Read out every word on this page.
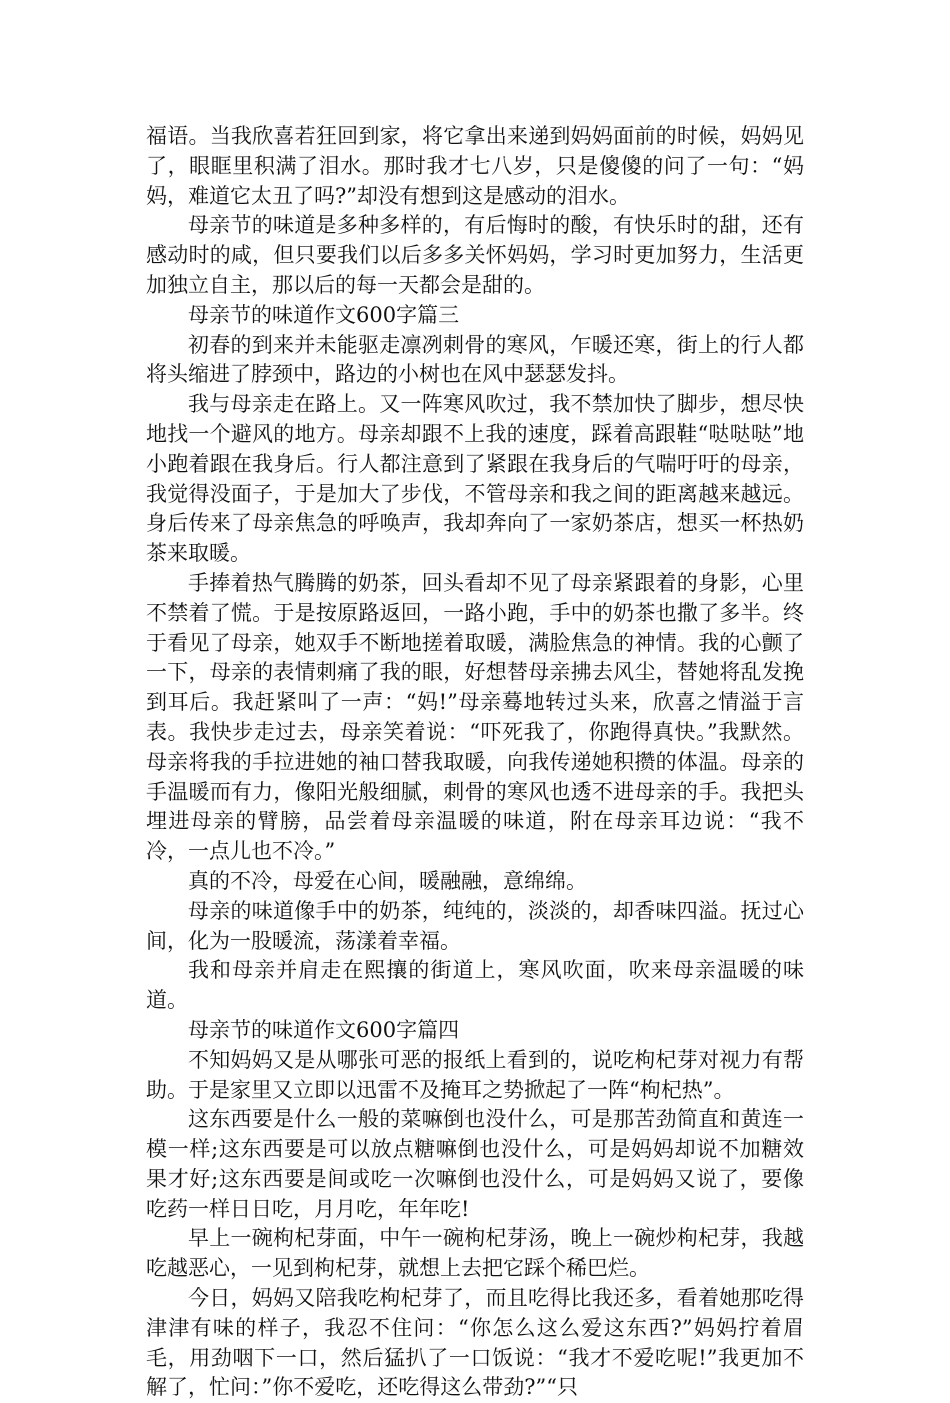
福语。当我欣喜若狂回到家，将它拿出来递到妈妈面前的时候，妈妈见了，眼眶里积满了泪水。那时我才七八岁，只是傻傻的问了一句：“妈妈，难道它太丑了吗?”却没有想到这是感动的泪水。

母亲节的味道是多种多样的，有后悔时的酸，有快乐时的甜，还有感动时的咸，但只要我们以后多多关怀妈妈，学习时更加努力，生活更加独立自主，那以后的每一天都会是甜的。

母亲节的味道作文600字篇三

初春的到来并未能驱走凛冽刺骨的寒风，乍暖还寒，街上的行人都将头缩进了脖颈中，路边的小树也在风中瑟瑟发抖。

我与母亲走在路上。又一阵寒风吹过，我不禁加快了脚步，想尽快地找一个避风的地方。母亲却跟不上我的速度，踩着高跟鞋“哒哒哒”地小跑着跟在我身后。行人都注意到了紧跟在我身后的气喘吁吁的母亲，我觉得没面子，于是加大了步伐，不管母亲和我之间的距离越来越远。身后传来了母亲焦急的呼唤声，我却奔向了一家奶茶店，想买一杯热奶茶来取暖。

手捧着热气腾腾的奶茶，回头看却不见了母亲紧跟着的身影，心里不禁着了慌。于是按原路返回，一路小跑，手中的奶茶也撒了多半。终于看见了母亲，她双手不断地搓着取暖，满脸焦急的神情。我的心颤了一下，母亲的表情刺痛了我的眼，好想替母亲拂去风尘，替她将乱发挽到耳后。我赶紧叫了一声：“妈!”母亲蓦地转过头来，欣喜之情溢于言表。我快步走过去，母亲笑着说：“吓死我了，你跑得真快。”我默然。母亲将我的手拉进她的袖口替我取暖，向我传递她积攒的体温。母亲的手温暖而有力，像阳光般细腻，刺骨的寒风也透不进母亲的手。我把头埋进母亲的臂膀，品尝着母亲温暖的味道，附在母亲耳边说：“我不冷，一点儿也不冷。”

真的不冷，母爱在心间，暖融融，意绵绵。

母亲的味道像手中的奶茶，纯纯的，淡淡的，却香味四溢。抚过心间，化为一股暖流，荡漾着幸福。

我和母亲并肩走在熙攘的街道上，寒风吹面，吹来母亲温暖的味道。

母亲节的味道作文600字篇四

不知妈妈又是从哪张可恶的报纸上看到的，说吃枸杞芽对视力有帮助。于是家里又立即以迅雷不及掩耳之势掀起了一阵“枸杞热”。

这东西要是什么一般的菜嘛倒也没什么，可是那苦劲简直和黄连一模一样;这东西要是可以放点糖嘛倒也没什么，可是妈妈却说不加糖效果才好;这东西要是间或吃一次嘛倒也没什么，可是妈妈又说了，要像吃药一样日日吃，月月吃，年年吃!

早上一碗枸杞芽面，中午一碗枸杞芽汤，晚上一碗炒枸杞芽，我越吃越恶心，一见到枸杞芽，就想上去把它踩个稀巴烂。

今日，妈妈又陪我吃枸杞芽了，而且吃得比我还多，看着她那吃得津津有味的样子，我忍不住问：“你怎么这么爱这东西?”妈妈拧着眉毛，用劲咽下一口，然后猛扒了一口饭说：“我才不爱吃呢!”我更加不解了，忙问：”你不爱吃，还吃得这么带劲?”“只
